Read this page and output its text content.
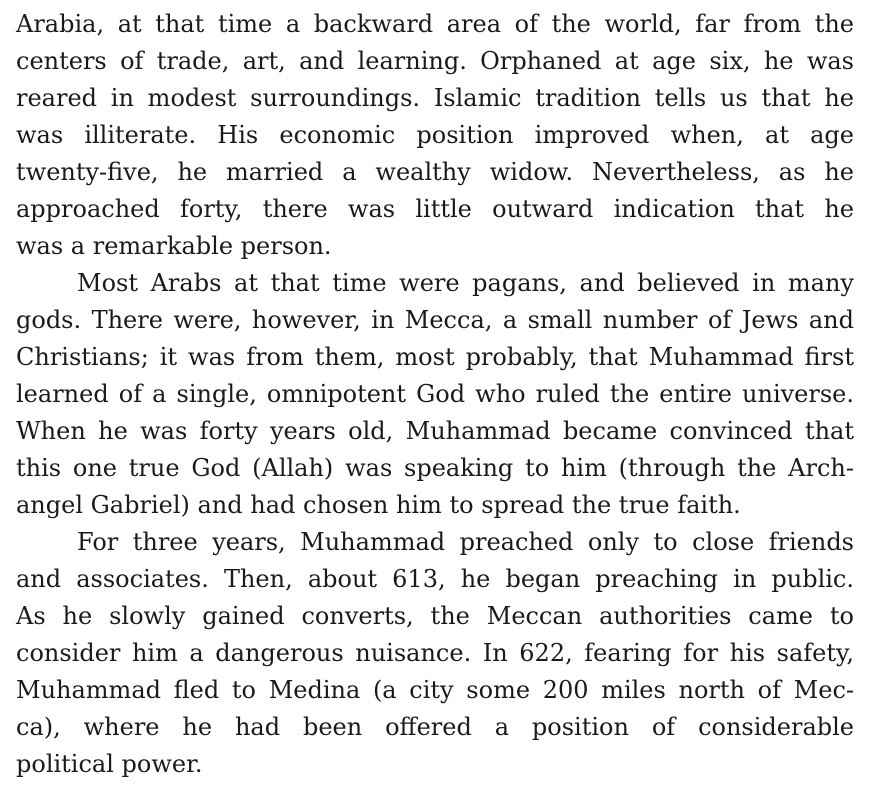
Arabia, at that time a backward area of the world, far from the
centers of trade, art, and learning. Orphaned at age six, he was
reared in modest surroundings. Islamic tradition tells us that he
was illiterate. His economic position improved when, at age
twenty-five, he married a wealthy widow. Nevertheless, as he
approached forty, there was little outward indication that he
was a remarkable person.
Most Arabs at that time were pagans, and believed in many
gods. There were, however, in Mecca, a small number of Jews and
Christians; it was from them, most probably, that Muhammad first
learned of a single, omnipotent God who ruled the entire universe.
When he was forty years old, Muhammad became convinced that
this one true God (Allah) was speaking to him (through the Arch-
angel Gabriel) and had chosen him to spread the true faith.
For three years, Muhammad preached only to close friends
and associates. Then, about 613, he began preaching in public.
As he slowly gained converts, the Meccan authorities came to
consider him a dangerous nuisance. In 622, fearing for his safety,
Muhammad fled to Medina (a city some 200 miles north of Mec-
ca), where he had been offered a position of considerable
political power.
